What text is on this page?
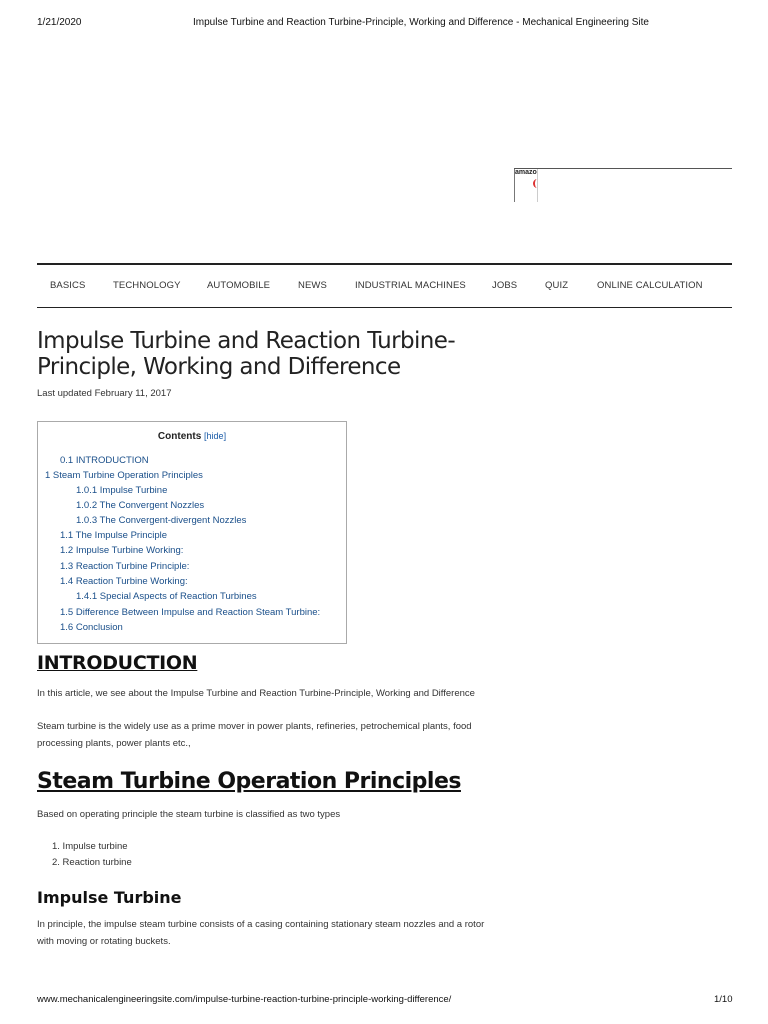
1/21/2020	Impulse Turbine and Reaction Turbine-Principle, Working and Difference - Mechanical Engineering Site
amazo
BASICS	TECHNOLOGY	AUTOMOBILE	NEWS	INDUSTRIAL MACHINES	JOBS	QUIZ	ONLINE CALCULATION
Impulse Turbine and Reaction Turbine-
Principle, Working and Difference
Last updated February 11, 2017
Contents [hide]
0.1 INTRODUCTION
1 Steam Turbine Operation Principles
1.0.1 Impulse Turbine
1.0.2 The Convergent Nozzles
1.0.3 The Convergent-divergent Nozzles
1.1 The Impulse Principle
1.2 Impulse Turbine Working:
1.3 Reaction Turbine Principle:
1.4 Reaction Turbine Working:
1.4.1 Special Aspects of Reaction Turbines
1.5 Difference Between Impulse and Reaction Steam Turbine:
1.6 Conclusion
INTRODUCTION
In this article, we see about the Impulse Turbine and Reaction Turbine-Principle, Working and Difference
Steam turbine is the widely use as a prime mover in power plants, refineries, petrochemical plants, food
processing plants, power plants etc.,
Steam Turbine Operation Principles
Based on operating principle the steam turbine is classified as two types
1. Impulse turbine
2. Reaction turbine
Impulse Turbine
In principle, the impulse steam turbine consists of a casing containing stationary steam nozzles and a rotor
with moving or rotating buckets.
www.mechanicalengineeringsite.com/impulse-turbine-reaction-turbine-principle-working-difference/	1/10
